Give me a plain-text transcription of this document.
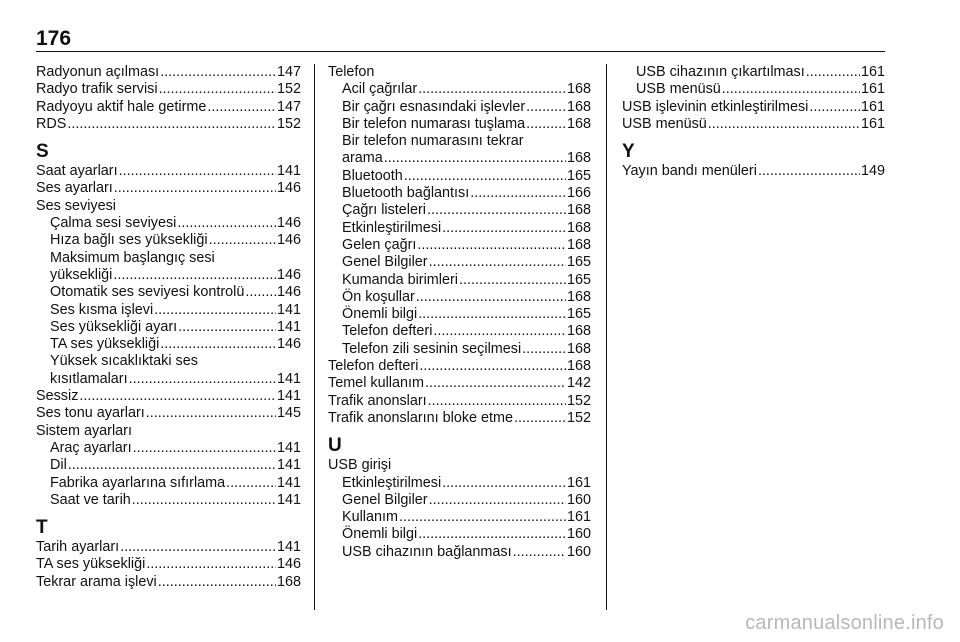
176
Radyonun açılması .....	147
Radyo trafik servisi .....	152
Radyoyu aktif hale getirme .....	147
RDS .....	152
S
Saat ayarları .....	141
Ses ayarları .....	146
Ses seviyesi
Çalma sesi seviyesi .....	146
Hıza bağlı ses yüksekliği .....	146
Maksimum başlangıç sesi
yüksekliği .....	146
Otomatik ses seviyesi kontrolü ..... 146
Ses kısma işlevi .....	141
Ses yüksekliği ayarı .....	141
TA ses yüksekliği .....	146
Yüksek sıcaklıktaki ses
kısıtlamaları .....	141
Sessiz .....	141
Ses tonu ayarları .....	145
Sistem ayarları
Araç ayarları .....	141
Dil .....	141
Fabrika ayarlarına sıfırlama .....	141
Saat ve tarih .....	141
T
Tarih ayarları .....	141
TA ses yüksekliği .....	146
Tekrar arama işlevi .....	168
Telefon
Acil çağrılar .....	168
Bir çağrı esnasındaki işlevler .....	168
Bir telefon numarası tuşlama .....	168
Bir telefon numarasını tekrar
arama .....	168
Bluetooth .....	165
Bluetooth bağlantısı .....	166
Çağrı listeleri .....	168
Etkinleştirilmesi .....	168
Gelen çağrı .....	168
Genel Bilgiler .....	165
Kumanda birimleri .....	165
Ön koşullar .....	168
Önemli bilgi .....	165
Telefon defteri .....	168
Telefon zili sesinin seçilmesi .....	168
Telefon defteri .....	168
Temel kullanım .....	142
Trafik anonsları .....	152
Trafik anonslarını bloke etme .....	152
U
USB girişi
Etkinleştirilmesi .....	161
Genel Bilgiler .....	160
Kullanım .....	161
Önemli bilgi .....	160
USB cihazının bağlanması .....	160
USB cihazının çıkartılması .....	161
USB menüsü .....	161
USB işlevinin etkinleştirilmesi .....	161
USB menüsü .....	161
Y
Yayın bandı menüleri .....	149
carmanualsonline.info
